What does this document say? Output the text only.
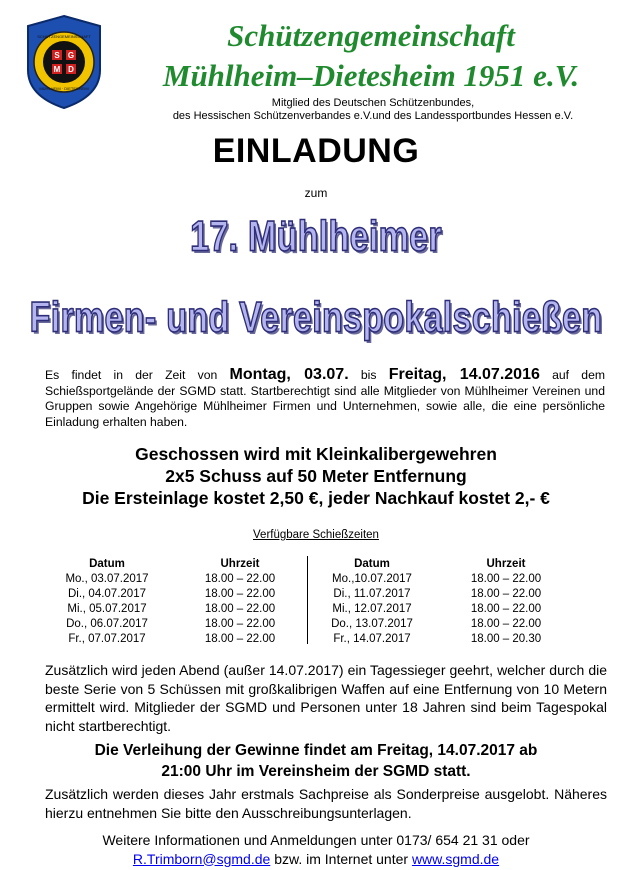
S G
M D
SCHÜTZENGEMEINSCHAFT
MÜHLHEIM · DIETESHEIM
Schützengemeinschaft
Mühlheim–Dietesheim 1951 e.V.
Mitglied des Deutschen Schützenbundes,
des Hessischen Schützenverbandes e.V.und des Landessportbundes Hessen e.V.
EINLADUNG
zum
17. Mühlheimer
Firmen- und Vereinspokalschießen
Es findet in der Zeit von Montag, 03.07. bis Freitag, 14.07.2016 auf dem Schießsportgelände der SGMD statt. Startberechtigt sind alle Mitglieder von Mühlheimer Vereinen und Gruppen sowie Angehörige Mühlheimer Firmen und Unternehmen, sowie alle, die eine persönliche Einladung erhalten haben.
Geschossen wird mit Kleinkalibergewehren
2x5 Schuss auf 50 Meter Entfernung
Die Ersteinlage kostet 2,50 €, jeder Nachkauf kostet 2,- €
Verfügbare Schießzeiten
Datum
Mo., 03.07.2017
Di., 04.07.2017
Mi., 05.07.2017
Do., 06.07.2017
Fr., 07.07.2017
Uhrzeit
18.00 – 22.00
18.00 – 22.00
18.00 – 22.00
18.00 – 22.00
18.00 – 22.00
Datum
Mo.,10.07.2017
Di., 11.07.2017
Mi., 12.07.2017
Do., 13.07.2017
Fr., 14.07.2017
Uhrzeit
18.00 – 22.00
18.00 – 22.00
18.00 – 22.00
18.00 – 22.00
18.00 – 20.30
Zusätzlich wird jeden Abend (außer 14.07.2017) ein Tagessieger geehrt, welcher durch die beste Serie von 5 Schüssen mit großkalibrigen Waffen auf eine Entfernung von 10 Metern ermittelt wird. Mitglieder der SGMD und Personen unter 18 Jahren sind beim Tagespokal nicht startberechtigt.
Die Verleihung der Gewinne findet am Freitag, 14.07.2017 ab
21:00 Uhr im Vereinsheim der SGMD statt.
Zusätzlich werden dieses Jahr erstmals Sachpreise als Sonderpreise ausgelobt. Näheres hierzu entnehmen Sie bitte den Ausschreibungsunterlagen.
Weitere Informationen und Anmeldungen unter 0173/ 654 21 31 oder
R.Trimborn@sgmd.de bzw. im Internet unter www.sgmd.de
